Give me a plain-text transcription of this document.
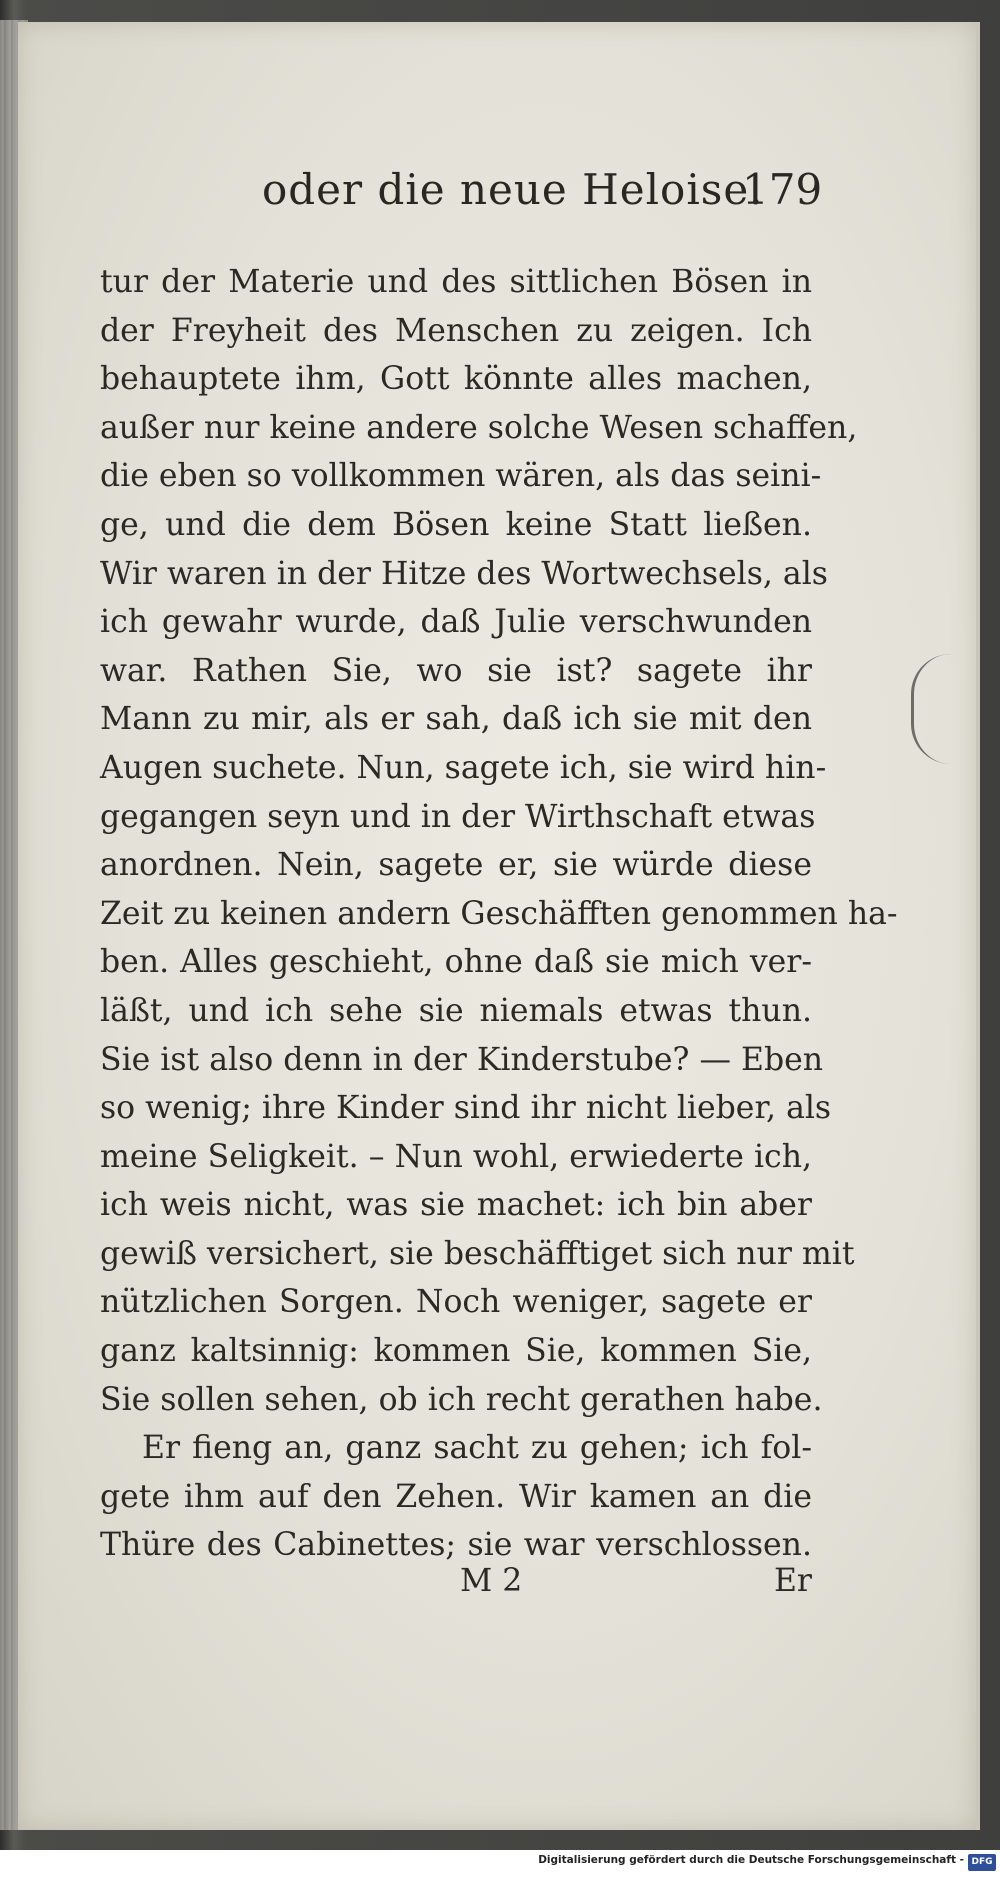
oder die neue Heloise.
179
tur der Materie und des sittlichen Bösen in
der Freyheit des Menschen zu zeigen. Ich
behauptete ihm, Gott könnte alles machen,
außer nur keine andere solche Wesen schaffen,
die eben so vollkommen wären, als das seini-
ge, und die dem Bösen keine Statt ließen.
Wir waren in der Hitze des Wortwechsels, als
ich gewahr wurde, daß Julie verschwunden
war. Rathen Sie, wo sie ist? sagete ihr
Mann zu mir, als er sah, daß ich sie mit den
Augen suchete. Nun, sagete ich, sie wird hin-
gegangen seyn und in der Wirthschaft etwas
anordnen. Nein, sagete er, sie würde diese
Zeit zu keinen andern Geschäfften genommen ha-
ben. Alles geschieht, ohne daß sie mich ver-
läßt, und ich sehe sie niemals etwas thun.
Sie ist also denn in der Kinderstube? — Eben
so wenig; ihre Kinder sind ihr nicht lieber, als
meine Seligkeit. – Nun wohl, erwiederte ich,
ich weis nicht, was sie machet: ich bin aber
gewiß versichert, sie beschäfftiget sich nur mit
nützlichen Sorgen. Noch weniger, sagete er
ganz kaltsinnig: kommen Sie, kommen Sie,
Sie sollen sehen, ob ich recht gerathen habe.
Er fieng an, ganz sacht zu gehen; ich fol-
gete ihm auf den Zehen. Wir kamen an die
Thüre des Cabinettes; sie war verschlossen.
M 2	Er
Digitalisierung gefördert durch die Deutsche Forschungsgemeinschaft - DFG
